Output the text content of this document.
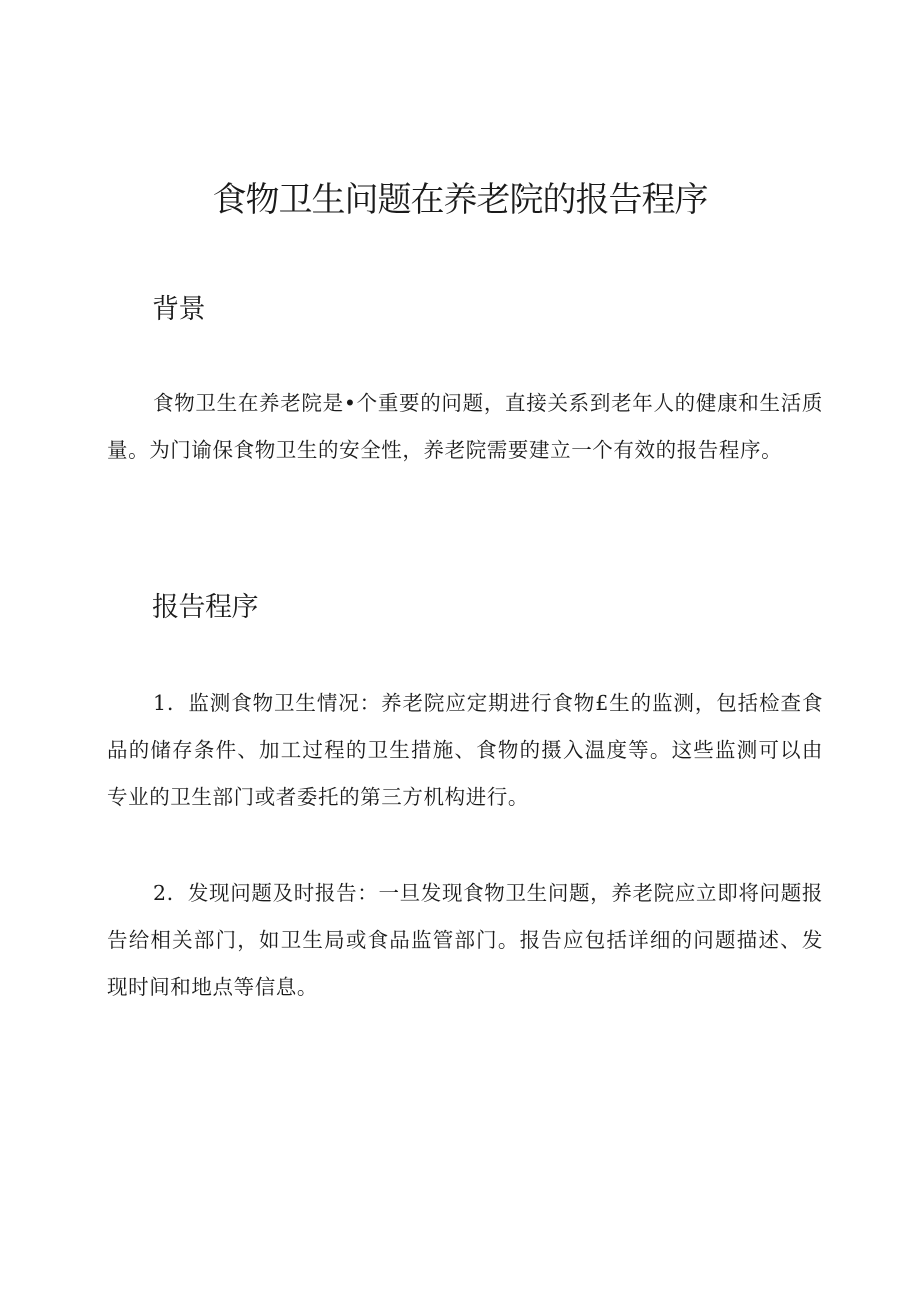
食物卫生问题在养老院的报告程序
背景

食物卫生在养老院是•个重要的问题，直接关系到老年人的健康和生活质量。为门谕保食物卫生的安全性，养老院需要建立一个有效的报告程序。

报告程序

1．监测食物卫生情况：养老院应定期进行食物£生的监测，包括检查食品的储存条件、加工过程的卫生措施、食物的摄入温度等。这些监测可以由专业的卫生部门或者委托的第三方机构进行。

2．发现问题及时报告：一旦发现食物卫生问题，养老院应立即将问题报告给相关部门，如卫生局或食品监管部门。报告应包括详细的问题描述、发现时间和地点等信息。
